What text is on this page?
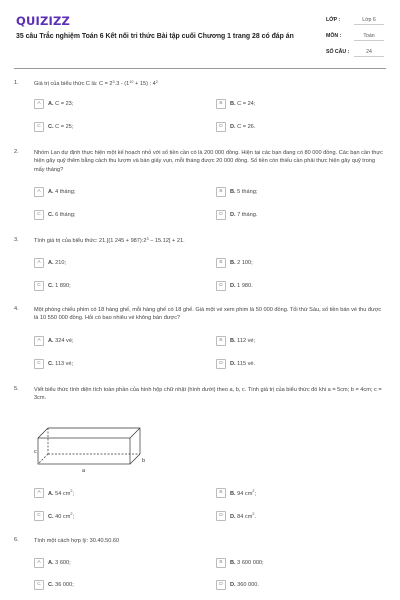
QUIZIZZ
35 câu Trắc nghiệm Toán 6 Kết nối tri thức Bài tập cuối Chương 1 trang 28 có đáp án
LỚP :	Lớp 6
MÔN :	Toán
SỐ CÂU :	24
1.	Giá trị của biểu thức C là: $C = 2^3.3 - (1^{10} + 15)$ : $4^2$
A	A. C = 23;	B	B. C = 24;
C	C. C = 25;	D	D. C = 26.
2.	Nhóm Lan dự định thực hiện một kế hoạch nhỏ với số tiền cần có là 200 000 đồng. Hiện tại các bạn đang có 80 000 đồng. Các bạn cần thực hiện gây quỹ thêm bằng cách thu lượm và bán giấy vụn, mỗi tháng được 20 000 đồng. Số tiền còn thiếu cần phải thực hiện gây quỹ trong mấy tháng?
A	A. 4 tháng;	B	B. 5 tháng;
C	C. 6 tháng;	D	D. 7 tháng.
3.	Tính giá trị của biểu thức: 21.[(1 $245 + 987):2^3 - 15.12] + 21$.
A	A. 210;	B	B. 2 100;
C	C. 1 890;	D	D. 1 980.
4.	Một phòng chiếu phim có 18 hàng ghế, mỗi hàng ghế có 18 ghế. Giá một vé xem phim là 50 000 đồng. Tối thứ Sáu, số tiền bán vé thu được là 10 550 000 đồng. Hỏi có bao nhiêu vé không bán được?
A	A. 324 vé;	B	B. 112 vé;
C	C. 113 vé;	D	D. 115 vé.
5.	Viết biểu thức tính diện tích toàn phần của hình hộp chữ nhật (hình dưới) theo a, b, c. Tính giá trị của biểu thức đó khi a = 5cm; b = 4cm; c = 3cm.
c
a
b
A	A. 54 $cm^2$;	B	B. 94 $cm^2$;
C	C. 40 $cm^2$;	D	D. 84 $cm^2$.
6.	Tính một cách hợp lý: 30.40.50.60
A	A. 3 600;	B	B. 3 600 000;
C	C. 36 000;	D	D. 360 000.
